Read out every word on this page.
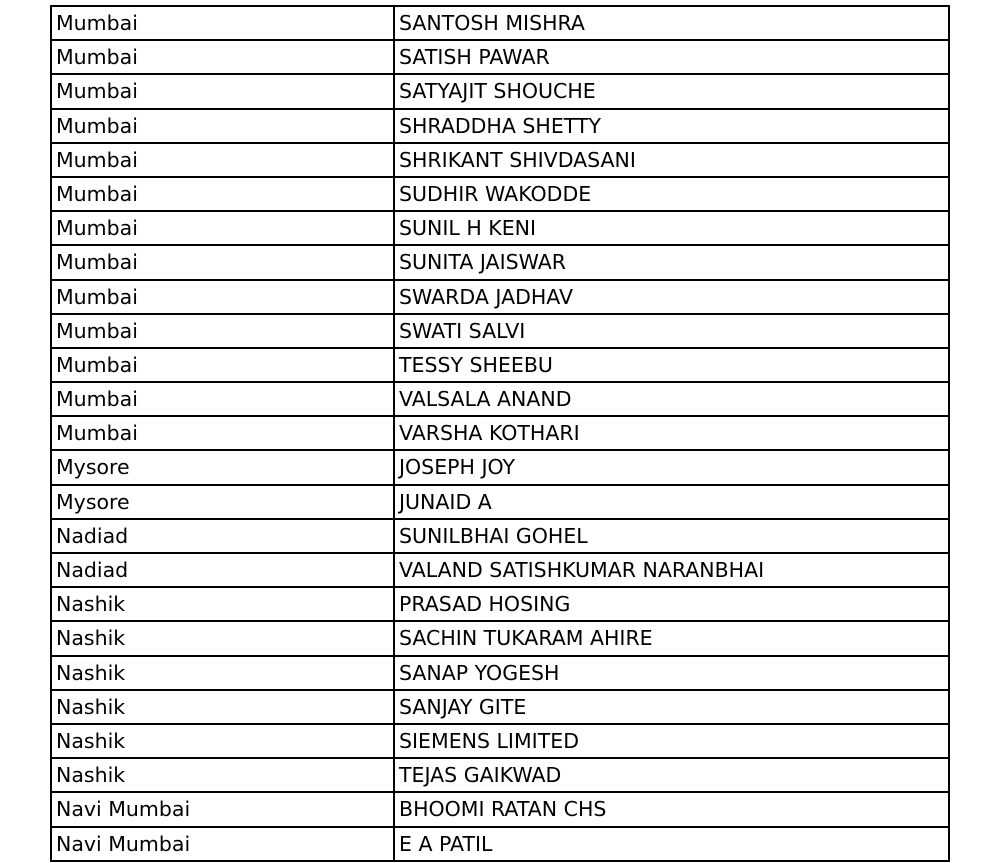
Mumbai	SANTOSH MISHRA
Mumbai	SATISH PAWAR
Mumbai	SATYAJIT SHOUCHE
Mumbai	SHRADDHA SHETTY
Mumbai	SHRIKANT SHIVDASANI
Mumbai	SUDHIR WAKODDE
Mumbai	SUNIL H KENI
Mumbai	SUNITA JAISWAR
Mumbai	SWARDA JADHAV
Mumbai	SWATI SALVI
Mumbai	TESSY SHEEBU
Mumbai	VALSALA ANAND
Mumbai	VARSHA KOTHARI
Mysore	JOSEPH JOY
Mysore	JUNAID A
Nadiad	SUNILBHAI GOHEL
Nadiad	VALAND SATISHKUMAR NARANBHAI
Nashik	PRASAD HOSING
Nashik	SACHIN TUKARAM AHIRE
Nashik	SANAP YOGESH
Nashik	SANJAY GITE
Nashik	SIEMENS LIMITED
Nashik	TEJAS GAIKWAD
Navi Mumbai	BHOOMI RATAN CHS
Navi Mumbai	E A PATIL
